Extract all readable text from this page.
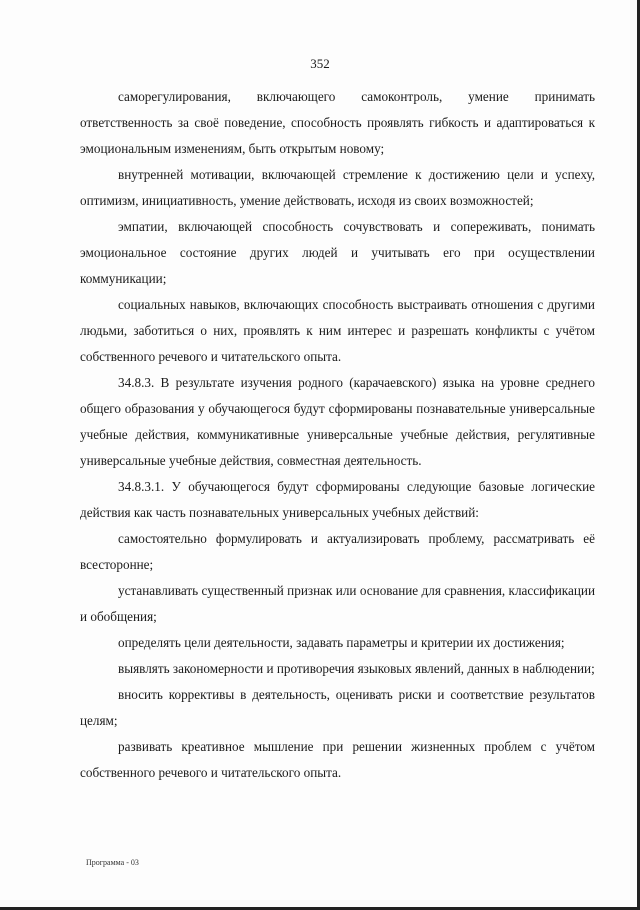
352

саморегулирования, включающего самоконтроль, умение принимать ответственность за своё поведение, способность проявлять гибкость и адаптироваться к эмоциональным изменениям, быть открытым новому;

внутренней мотивации, включающей стремление к достижению цели и успеху, оптимизм, инициативность, умение действовать, исходя из своих возможностей;

эмпатии, включающей способность сочувствовать и сопереживать, понимать эмоциональное состояние других людей и учитывать его при осуществлении коммуникации;

социальных навыков, включающих способность выстраивать отношения с другими людьми, заботиться о них, проявлять к ним интерес и разрешать конфликты с учётом собственного речевого и читательского опыта.

34.8.3. В результате изучения родного (карачаевского) языка на уровне среднего общего образования у обучающегося будут сформированы познавательные универсальные учебные действия, коммуникативные универсальные учебные действия, регулятивные универсальные учебные действия, совместная деятельность.

34.8.3.1. У обучающегося будут сформированы следующие базовые логические действия как часть познавательных универсальных учебных действий:

самостоятельно формулировать и актуализировать проблему, рассматривать её всесторонне;

устанавливать существенный признак или основание для сравнения, классификации и обобщения;

определять цели деятельности, задавать параметры и критерии их достижения;

выявлять закономерности и противоречия языковых явлений, данных в наблюдении;

вносить коррективы в деятельность, оценивать риски и соответствие результатов целям;

развивать креативное мышление при решении жизненных проблем с учётом собственного речевого и читательского опыта.

Программа - 03
